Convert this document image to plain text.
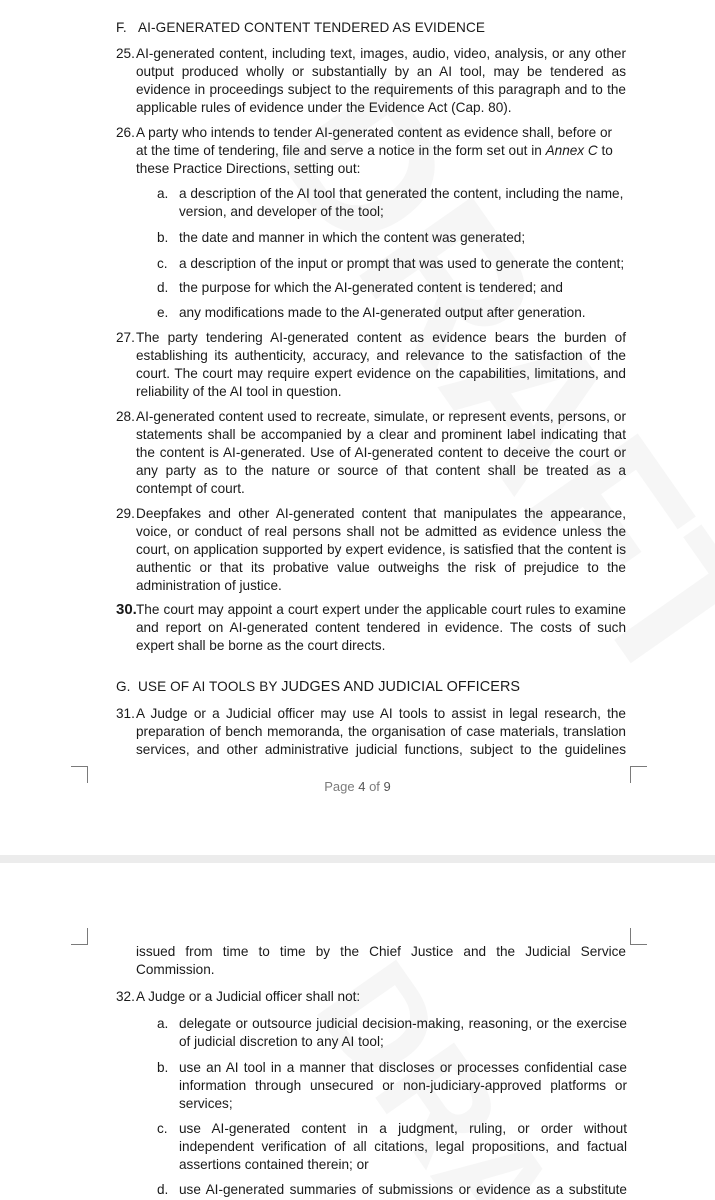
F. AI-GENERATED CONTENT TENDERED AS EVIDENCE
25. AI-generated content, including text, images, audio, video, analysis, or any other output produced wholly or substantially by an AI tool, may be tendered as evidence in proceedings subject to the requirements of this paragraph and to the applicable rules of evidence under the Evidence Act (Cap. 80).
26. A party who intends to tender AI-generated content as evidence shall, before or at the time of tendering, file and serve a notice in the form set out in Annex C to these Practice Directions, setting out:
a. a description of the AI tool that generated the content, including the name, version, and developer of the tool;
b. the date and manner in which the content was generated;
c. a description of the input or prompt that was used to generate the content;
d. the purpose for which the AI-generated content is tendered; and
e. any modifications made to the AI-generated output after generation.
27. The party tendering AI-generated content as evidence bears the burden of establishing its authenticity, accuracy, and relevance to the satisfaction of the court. The court may require expert evidence on the capabilities, limitations, and reliability of the AI tool in question.
28. AI-generated content used to recreate, simulate, or represent events, persons, or statements shall be accompanied by a clear and prominent label indicating that the content is AI-generated. Use of AI-generated content to deceive the court or any party as to the nature or source of that content shall be treated as a contempt of court.
29. Deepfakes and other AI-generated content that manipulates the appearance, voice, or conduct of real persons shall not be admitted as evidence unless the court, on application supported by expert evidence, is satisfied that the content is authentic or that its probative value outweighs the risk of prejudice to the administration of justice.
30. The court may appoint a court expert under the applicable court rules to examine and report on AI-generated content tendered in evidence. The costs of such expert shall be borne as the court directs.
G. USE OF AI TOOLS BY JUDGES AND JUDICIAL OFFICERS
31. A Judge or a Judicial officer may use AI tools to assist in legal research, the preparation of bench memoranda, the organisation of case materials, translation services, and other administrative judicial functions, subject to the guidelines
Page 4 of 9
issued from time to time by the Chief Justice and the Judicial Service Commission.
32. A Judge or a Judicial officer shall not:
a. delegate or outsource judicial decision-making, reasoning, or the exercise of judicial discretion to any AI tool;
b. use an AI tool in a manner that discloses or processes confidential case information through unsecured or non-judiciary-approved platforms or services;
c. use AI-generated content in a judgment, ruling, or order without independent verification of all citations, legal propositions, and factual assertions contained therein; or
d. use AI-generated summaries of submissions or evidence as a substitute
